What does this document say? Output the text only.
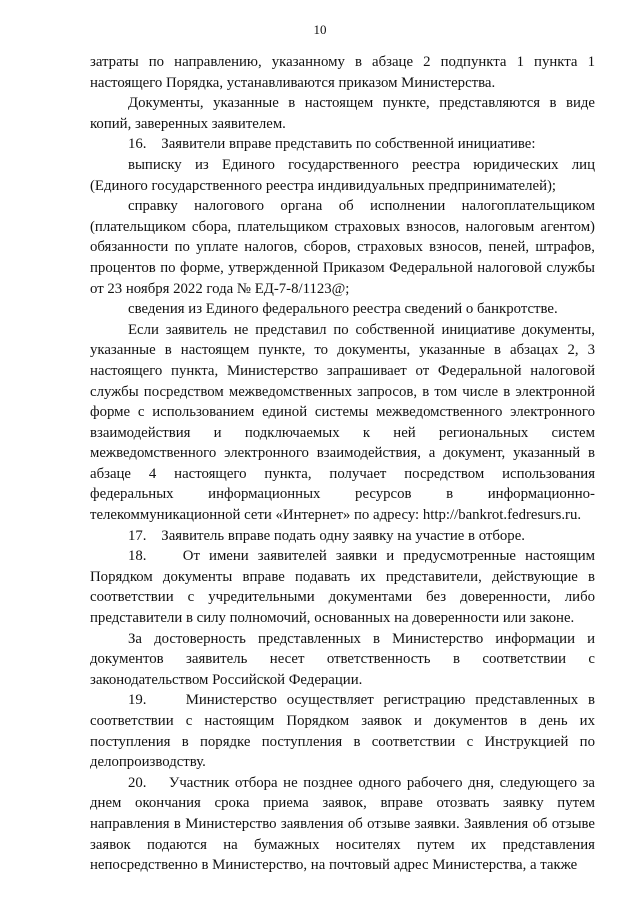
10

затраты по направлению, указанному в абзаце 2 подпункта 1 пункта 1 настоящего Порядка, устанавливаются приказом Министерства.

Документы, указанные в настоящем пункте, представляются в виде копий, заверенных заявителем.

16.    Заявители вправе представить по собственной инициативе:

выписку из Единого государственного реестра юридических лиц (Единого государственного реестра индивидуальных предпринимателей);

справку налогового органа об исполнении налогоплательщиком (плательщиком сбора, плательщиком страховых взносов, налоговым агентом) обязанности по уплате налогов, сборов, страховых взносов, пеней, штрафов, процентов по форме, утвержденной Приказом Федеральной налоговой службы от 23 ноября 2022 года № ЕД-7-8/1123@;

сведения из Единого федерального реестра сведений о банкротстве.

Если заявитель не представил по собственной инициативе документы, указанные в настоящем пункте, то документы, указанные в абзацах 2, 3 настоящего пункта, Министерство запрашивает от Федеральной налоговой службы посредством межведомственных запросов, в том числе в электронной форме с использованием единой системы межведомственного электронного взаимодействия и подключаемых к ней региональных систем межведомственного электронного взаимодействия, а документ, указанный в абзаце 4 настоящего пункта, получает посредством использования федеральных информационных ресурсов в информационно-телекоммуникационной сети «Интернет» по адресу: http://bankrot.fedresurs.ru.

17.    Заявитель вправе подать одну заявку на участие в отборе.

18.    От имени заявителей заявки и предусмотренные настоящим Порядком документы вправе подавать их представители, действующие в соответствии с учредительными документами без доверенности, либо представители в силу полномочий, основанных на доверенности или законе.

За достоверность представленных в Министерство информации и документов заявитель несет ответственность в соответствии с законодательством Российской Федерации.

19.    Министерство осуществляет регистрацию представленных в соответствии с настоящим Порядком заявок и документов в день их поступления в порядке поступления в соответствии с Инструкцией по делопроизводству.

20.    Участник отбора не позднее одного рабочего дня, следующего за днем окончания срока приема заявок, вправе отозвать заявку путем направления в Министерство заявления об отзыве заявки. Заявления об отзыве заявок подаются на бумажных носителях путем их представления непосредственно в Министерство, на почтовый адрес Министерства, а также
